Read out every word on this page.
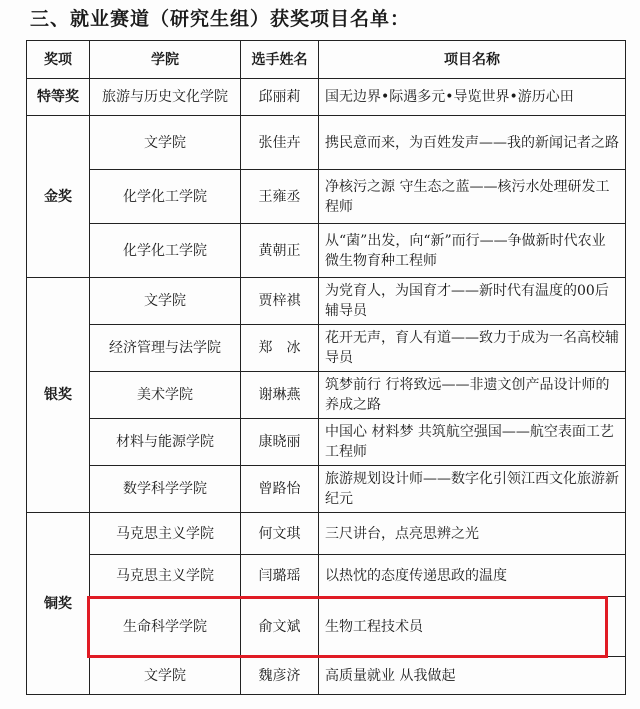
三、就业赛道（研究生组）获奖项目名单：
奖项	学院	选手姓名	项目名称
特等奖	旅游与历史文化学院	邱丽莉	国无边界•际遇多元•导览世界•游历心田
金奖	文学院	张佳卉	携民意而来，为百姓发声——我的新闻记者之路
	化学化工学院	王雍丞	净核污之源 守生态之蓝——核污水处理研发工程师
	化学化工学院	黄朝正	从“菌”出发，向“新”而行——争做新时代农业微生物育种工程师
银奖	文学院	贾梓祺	为党育人，为国育才——新时代有温度的00后辅导员
	经济管理与法学院	郑　冰	花开无声，育人有道——致力于成为一名高校辅导员
	美术学院	谢琳燕	筑梦前行 行将致远——非遗文创产品设计师的养成之路
	材料与能源学院	康晓丽	中国心 材料梦 共筑航空强国——航空表面工艺工程师
	数学科学学院	曾路怡	旅游规划设计师——数字化引领江西文化旅游新纪元
铜奖	马克思主义学院	何文琪	三尺讲台，点亮思辨之光
	马克思主义学院	闫璐瑶	以热忱的态度传递思政的温度
	生命科学学院	俞文斌	生物工程技术员
	文学院	魏彦济	高质量就业 从我做起
